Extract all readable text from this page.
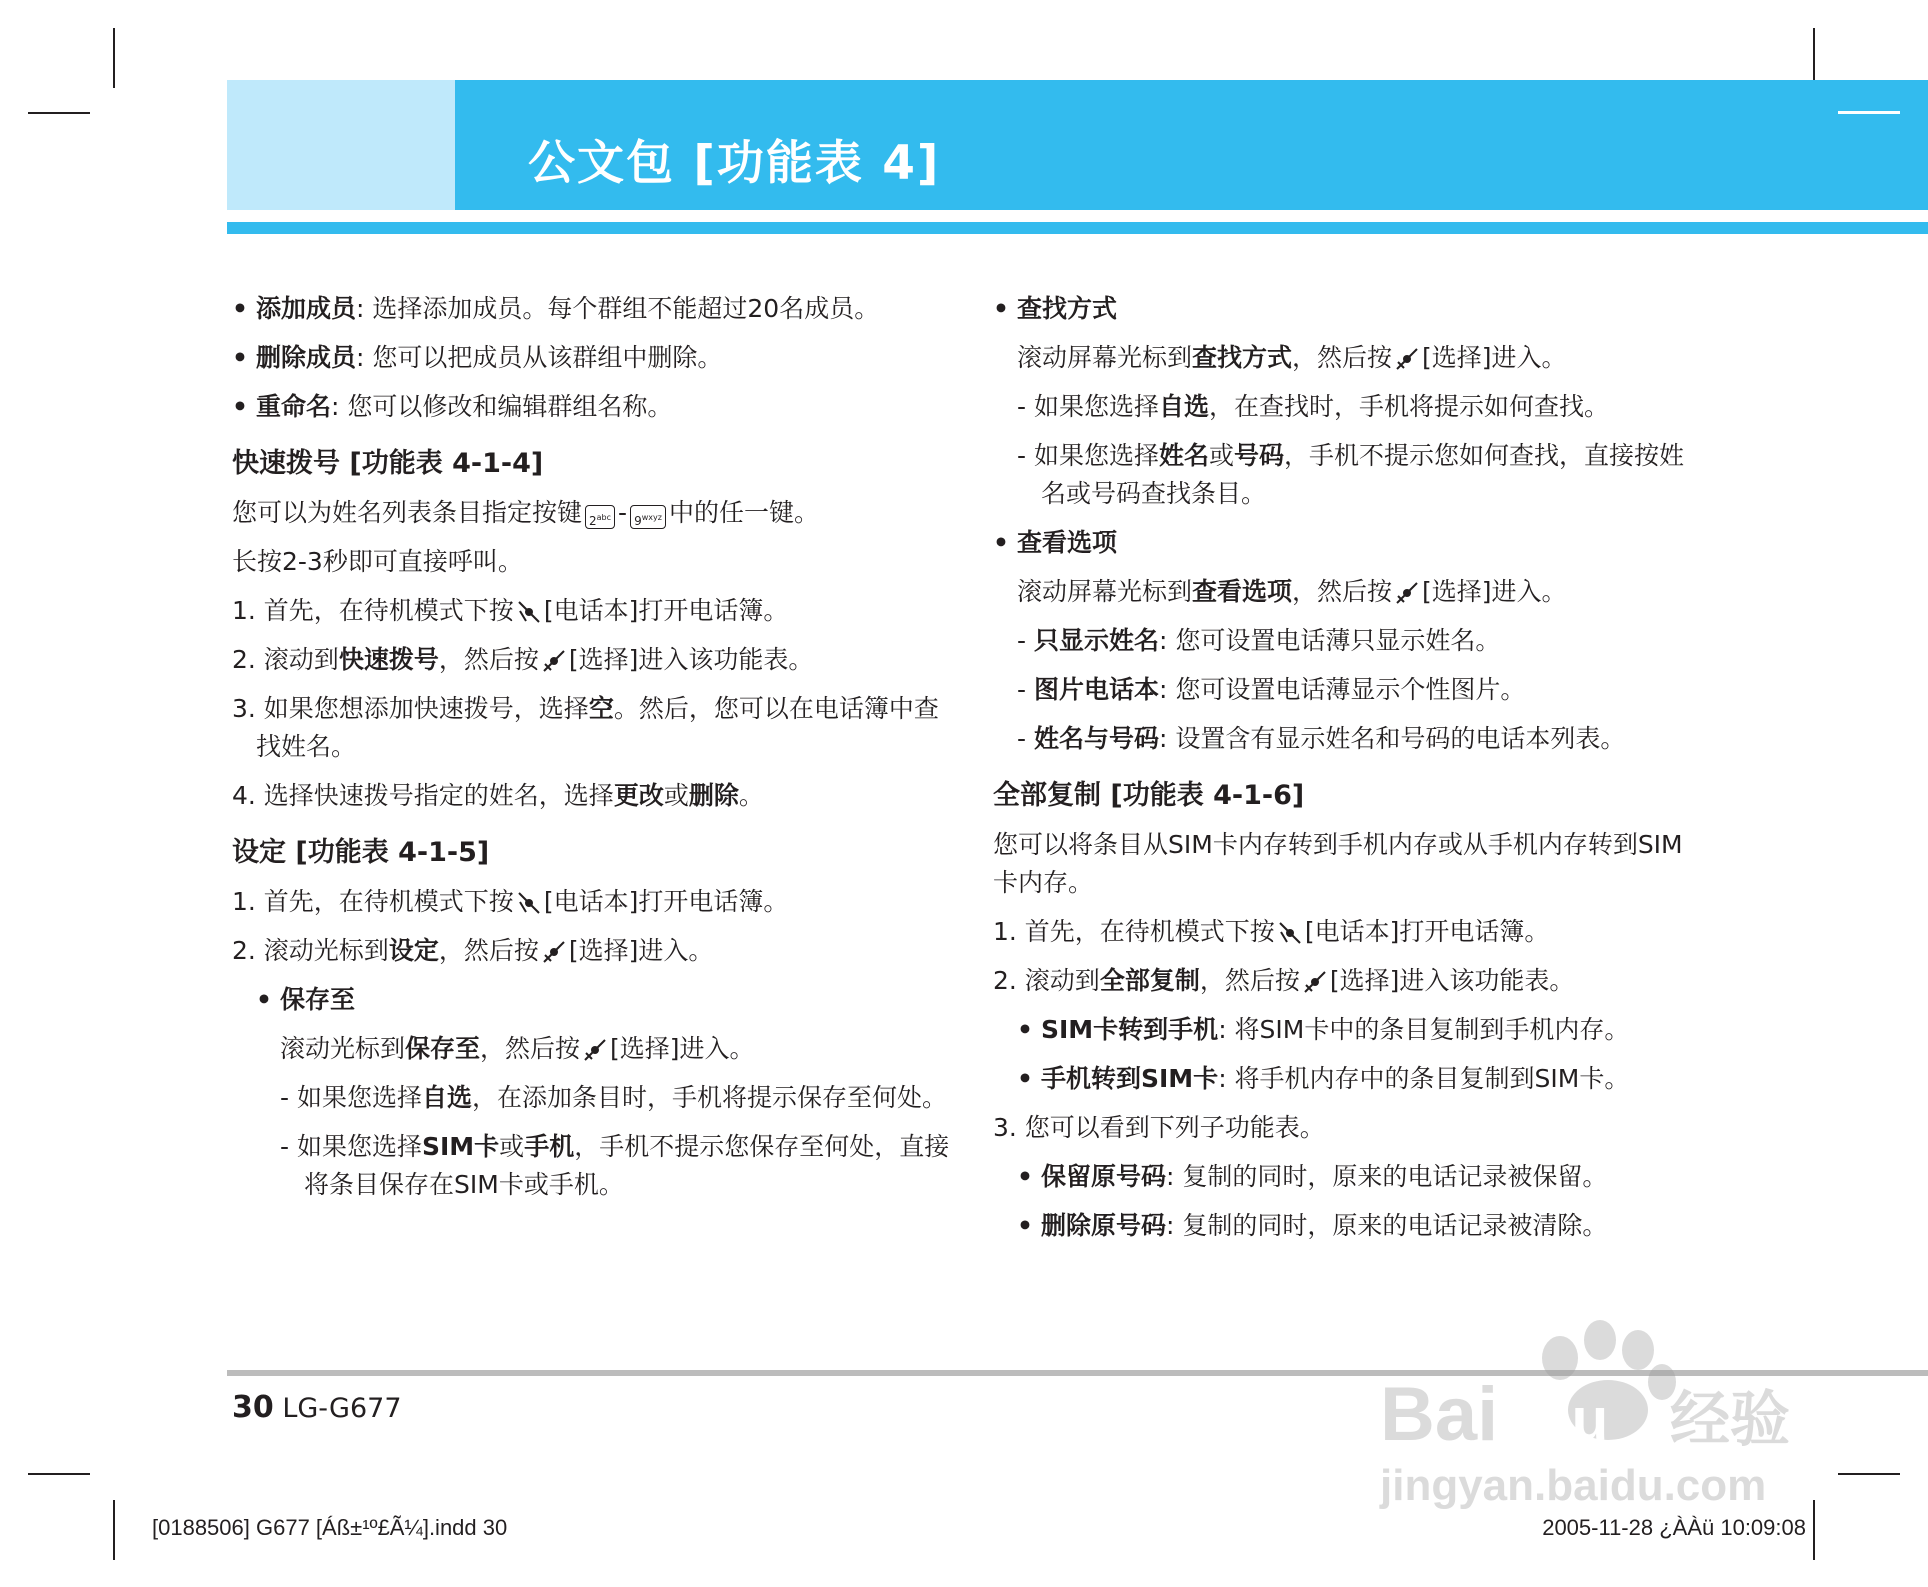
公文包 [功能表 4]
• 添加成员: 选择添加成员。每个群组不能超过20名成员。
• 删除成员: 您可以把成员从该群组中删除。
• 重命名: 您可以修改和编辑群组名称。
快速拨号 [功能表 4-1-4]
您可以为姓名列表条目指定按键 $2^{abc} - 9^{wxyz}$ 中的任一键。
长按2-3秒即可直接呼叫。
1. 首先，在待机模式下按 [电话本]打开电话簿。
2. 滚动到快速拨号，然后按 [选择]进入该功能表。
3. 如果您想添加快速拨号，选择空。然后，您可以在电话簿中查找姓名。
4. 选择快速拨号指定的姓名，选择更改或删除。
设定 [功能表 4-1-5]
1. 首先，在待机模式下按 [电话本]打开电话簿。
2. 滚动光标到设定，然后按 [选择]进入。
• 保存至
滚动光标到保存至，然后按 [选择]进入。
- 如果您选择自选，在添加条目时，手机将提示保存至何处。
- 如果您选择SIM卡或手机，手机不提示您保存至何处，直接将条目保存在SIM卡或手机。
• 查找方式
滚动屏幕光标到查找方式，然后按 [选择]进入。
- 如果您选择自选，在查找时，手机将提示如何查找。
- 如果您选择姓名或号码，手机不提示您如何查找，直接按姓名或号码查找条目。
• 查看选项
滚动屏幕光标到查看选项，然后按 [选择]进入。
- 只显示姓名: 您可设置电话薄只显示姓名。
- 图片电话本: 您可设置电话薄显示个性图片。
- 姓名与号码: 设置含有显示姓名和号码的电话本列表。
全部复制 [功能表 4-1-6]
您可以将条目从SIM卡内存转到手机内存或从手机内存转到SIM卡内存。
1. 首先，在待机模式下按 [电话本]打开电话簿。
2. 滚动到全部复制，然后按 [选择]进入该功能表。
• SIM卡转到手机: 将SIM卡中的条目复制到手机内存。
• 手机转到SIM卡: 将手机内存中的条目复制到SIM卡。
3. 您可以看到下列子功能表。
• 保留原号码: 复制的同时，原来的电话记录被保留。
• 删除原号码: 复制的同时，原来的电话记录被清除。
30 LG-G677
[0188506] G677 [Áß±¹º£Ã¼].indd 30	2005-11-28 ¿ÀÀü 10:09:08
Bai du 经验
jingyan.baidu.com
